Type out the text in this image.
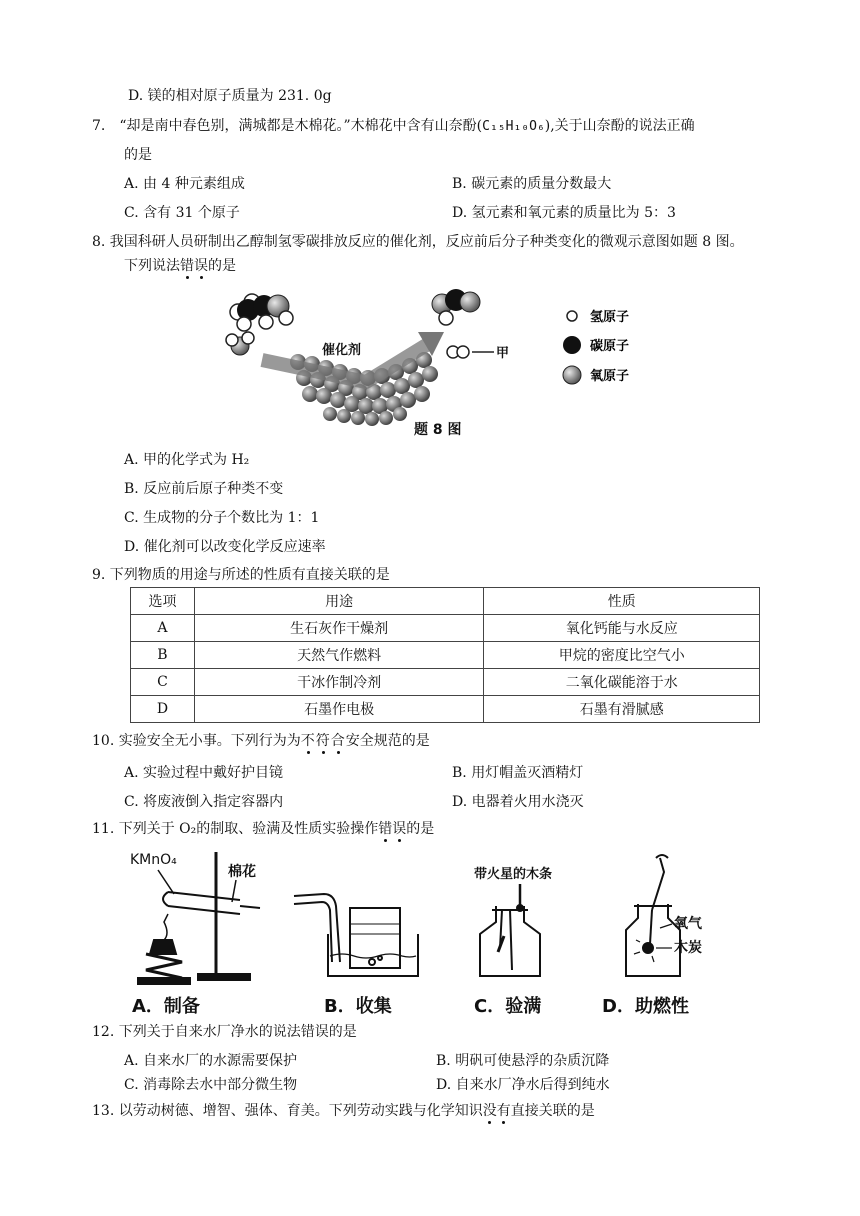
D. 镁的相对原子质量为 231. 0g
7.　“却是南中春色别，满城都是木棉花。”木棉花中含有山奈酚(C₁₅H₁₀O₆),关于山奈酚的说法正确
的是
A. 由 4 种元素组成	B. 碳元素的质量分数最大
C. 含有 31 个原子	D. 氢元素和氧元素的质量比为 5：3
8. 我国科研人员研制出乙醇制氢零碳排放反应的催化剂，反应前后分子种类变化的微观示意图如题 8 图。
下列说法错误的是
催化剂	甲
氢原子
碳原子
氧原子
题 8 图
A. 甲的化学式为 H₂
B. 反应前后原子种类不变
C. 生成物的分子个数比为 1：1
D. 催化剂可以改变化学反应速率
9. 下列物质的用途与所述的性质有直接关联的是
选项	用途	性质
A	生石灰作干燥剂	氧化钙能与水反应
B	天然气作燃料	甲烷的密度比空气小
C	干冰作制冷剂	二氧化碳能溶于水
D	石墨作电极	石墨有滑腻感
10. 实验安全无小事。下列行为为不符合安全规范的是
A. 实验过程中戴好护目镜	B. 用灯帽盖灭酒精灯
C. 将废液倒入指定容器内	D. 电器着火用水浇灭
11. 下列关于 O₂的制取、验满及性质实验操作错误的是
KMnO₄
棉花
A．制备	B．收集
带火星的木条
C．验满
氧气
木炭
D．助燃性
12. 下列关于自来水厂净水的说法错误的是
A. 自来水厂的水源需要保护	B. 明矾可使悬浮的杂质沉降
C. 消毒除去水中部分微生物	D. 自来水厂净水后得到纯水
13. 以劳动树德、增智、强体、育美。下列劳动实践与化学知识没有直接关联的是
